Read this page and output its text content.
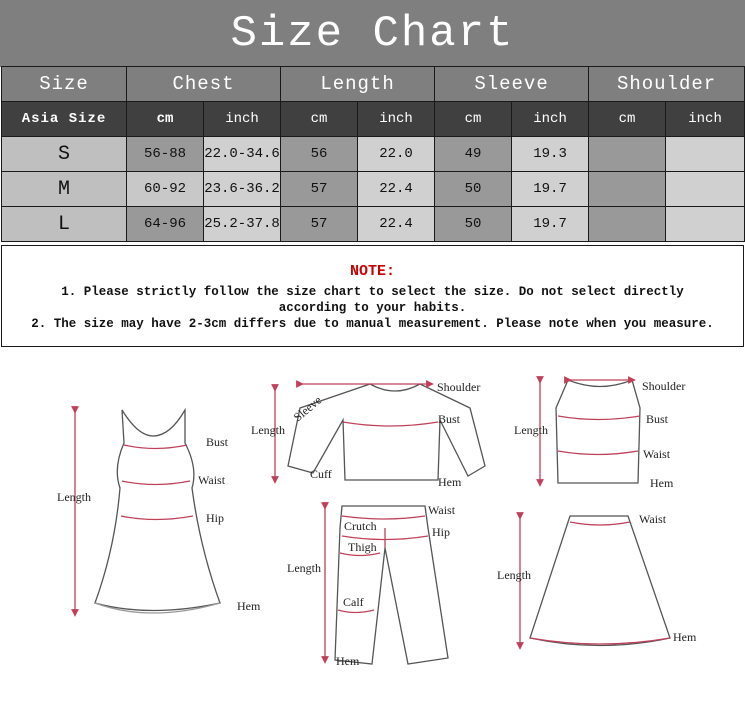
Size Chart
Size	Chest		Length		Sleeve		Shoulder	
Asia Size	cm	inch	cm	inch	cm	inch	cm	inch
S	56-88	22.0-34.6	56	22.0	49	19.3		
M	60-92	23.6-36.2	57	22.4	50	19.7		
L	64-96	25.2-37.8	57	22.4	50	19.7		
NOTE:
1. Please strictly follow the size chart to select the size. Do not select directly
according to your habits.
2. The size may have 2-3cm differs due to manual measurement. Please note when you measure.
Length
Bust
Waist
Hip
Hem
Length
Sleeve
Shoulder
Bust
Cuff
Hem
Length
Shoulder
Bust
Waist
Hem
Length
Waist
Hip
Crutch
Thigh
Calf
Hem
Length
Waist
Hem
